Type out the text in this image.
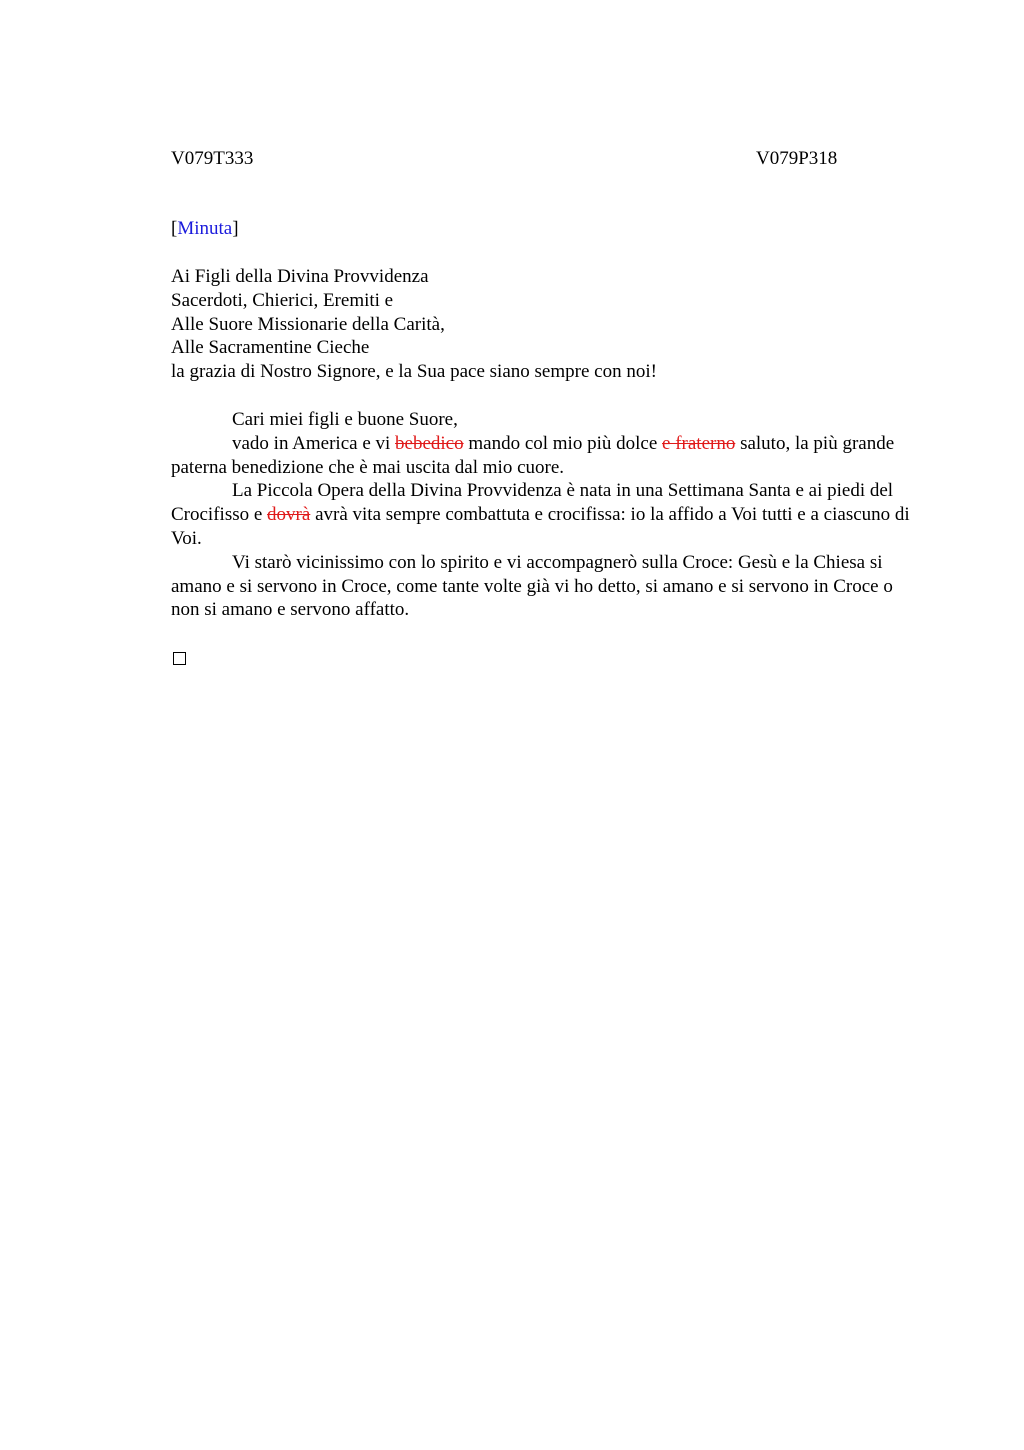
V079T333	V079P318
[Minuta]
Ai Figli della Divina Provvidenza
Sacerdoti, Chierici, Eremiti e
Alle Suore Missionarie della Carità,
Alle Sacramentine Cieche
la grazia di Nostro Signore, e la Sua pace siano sempre con noi!

Cari miei figli e buone Suore,

vado in America e vi bebedico mando col mio più dolce e fraterno saluto, la più grande paterna benedizione che è mai uscita dal mio cuore.

La Piccola Opera della Divina Provvidenza è nata in una Settimana Santa e ai piedi del Crocifisso e dovrà avrà vita sempre combattuta e crocifissa: io la affido a Voi tutti e a ciascuno di Voi.

Vi starò vicinissimo con lo spirito e vi accompagnerò sulla Croce: Gesù e la Chiesa si amano e si servono in Croce, come tante volte già vi ho detto, si amano e si servono in Croce o non si amano e servono affatto.
